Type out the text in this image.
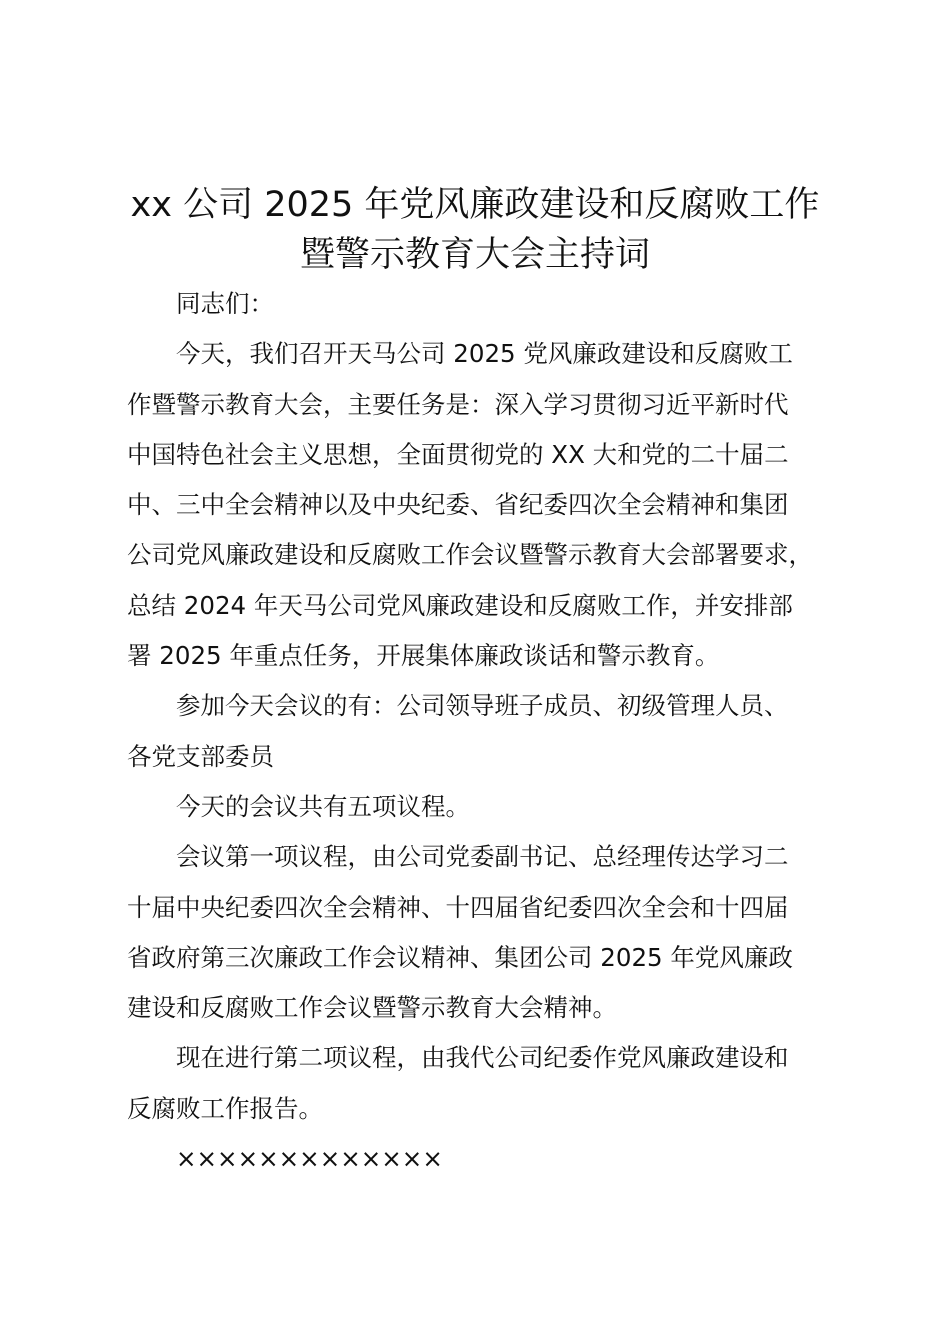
xx 公司 2025 年党风廉政建设和反腐败工作
暨警示教育大会主持词
同志们：
今天，我们召开天马公司 2025 党风廉政建设和反腐败工
作暨警示教育大会，主要任务是：深入学习贯彻习近平新时代
中国特色社会主义思想，全面贯彻党的 XX 大和党的二十届二
中、三中全会精神以及中央纪委、省纪委四次全会精神和集团
公司党风廉政建设和反腐败工作会议暨警示教育大会部署要求，
总结 2024 年天马公司党风廉政建设和反腐败工作，并安排部
署 2025 年重点任务，开展集体廉政谈话和警示教育。
参加今天会议的有：公司领导班子成员、初级管理人员、
各党支部委员
今天的会议共有五项议程。
会议第一项议程，由公司党委副书记、总经理传达学习二
十届中央纪委四次全会精神、十四届省纪委四次全会和十四届
省政府第三次廉政工作会议精神、集团公司 2025 年党风廉政
建设和反腐败工作会议暨警示教育大会精神。
现在进行第二项议程，由我代公司纪委作党风廉政建设和
反腐败工作报告。
×××××××××××××
